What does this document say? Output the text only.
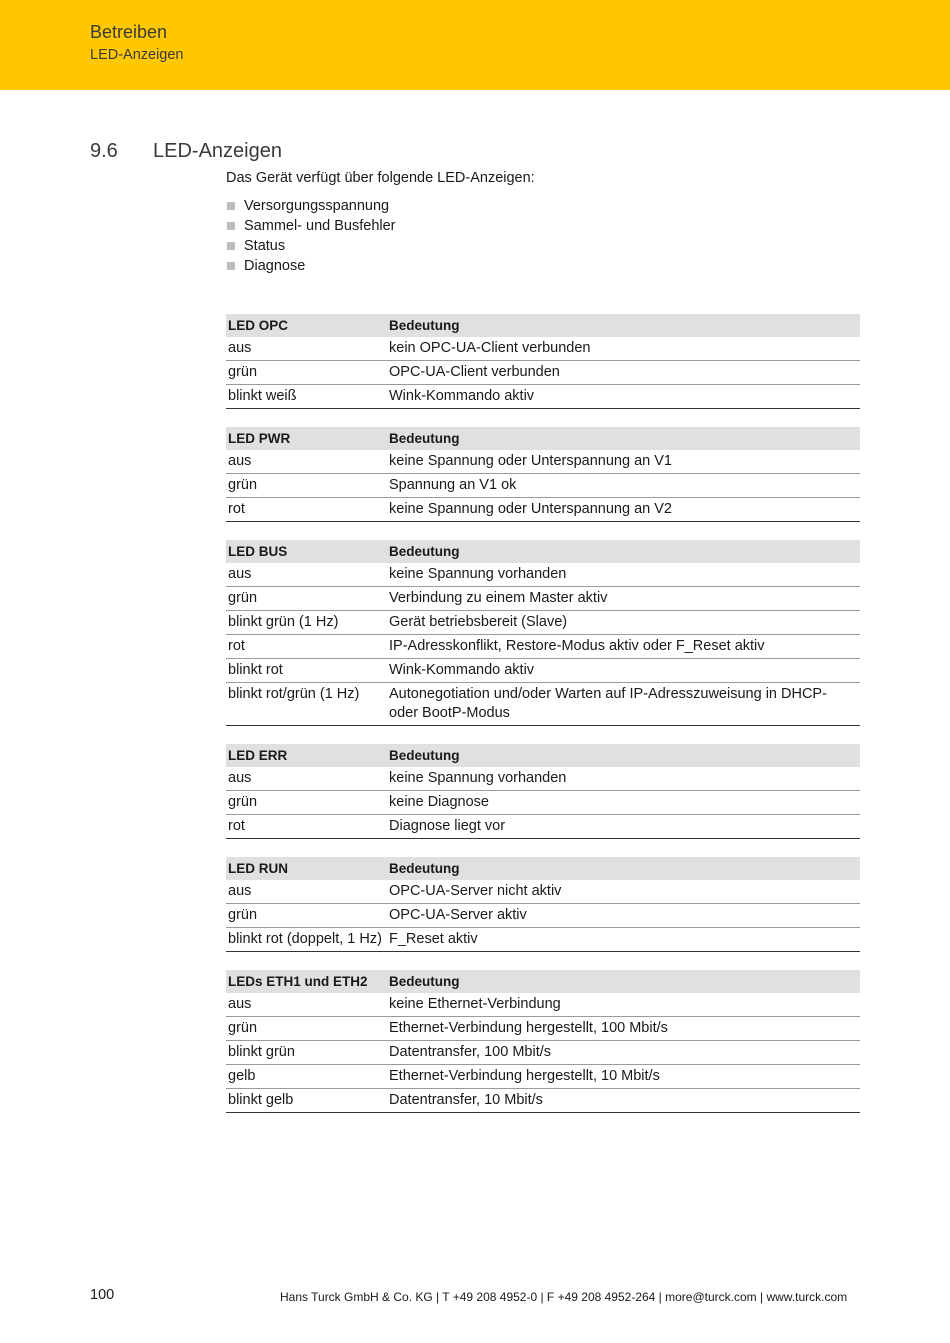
Betreiben
LED-Anzeigen
9.6 LED-Anzeigen

Das Gerät verfügt über folgende LED-Anzeigen:

Versorgungsspannung
Sammel- und Busfehler
Status
Diagnose
LED OPC	Bedeutung
aus	kein OPC-UA-Client verbunden
grün	OPC-UA-Client verbunden
blinkt weiß	Wink-Kommando aktiv
LED PWR	Bedeutung
aus	keine Spannung oder Unterspannung an V1
grün	Spannung an V1 ok
rot	keine Spannung oder Unterspannung an V2
LED BUS	Bedeutung
aus	keine Spannung vorhanden
grün	Verbindung zu einem Master aktiv
blinkt grün (1 Hz)	Gerät betriebsbereit (Slave)
rot	IP-Adresskonflikt, Restore-Modus aktiv oder F_Reset aktiv
blinkt rot	Wink-Kommando aktiv
blinkt rot/grün (1 Hz)	Autonegotiation und/oder Warten auf IP-Adresszuweisung in DHCP- oder BootP-Modus
LED ERR	Bedeutung
aus	keine Spannung vorhanden
grün	keine Diagnose
rot	Diagnose liegt vor
LED RUN	Bedeutung
aus	OPC-UA-Server nicht aktiv
grün	OPC-UA-Server aktiv
blinkt rot (doppelt, 1 Hz)	F_Reset aktiv
LEDs ETH1 und ETH2	Bedeutung
aus	keine Ethernet-Verbindung
grün	Ethernet-Verbindung hergestellt, 100 Mbit/s
blinkt grün	Datentransfer, 100 Mbit/s
gelb	Ethernet-Verbindung hergestellt, 10 Mbit/s
blinkt gelb	Datentransfer, 10 Mbit/s
100	Hans Turck GmbH & Co. KG | T +49 208 4952-0 | F +49 208 4952-264 | more@turck.com | www.turck.com
